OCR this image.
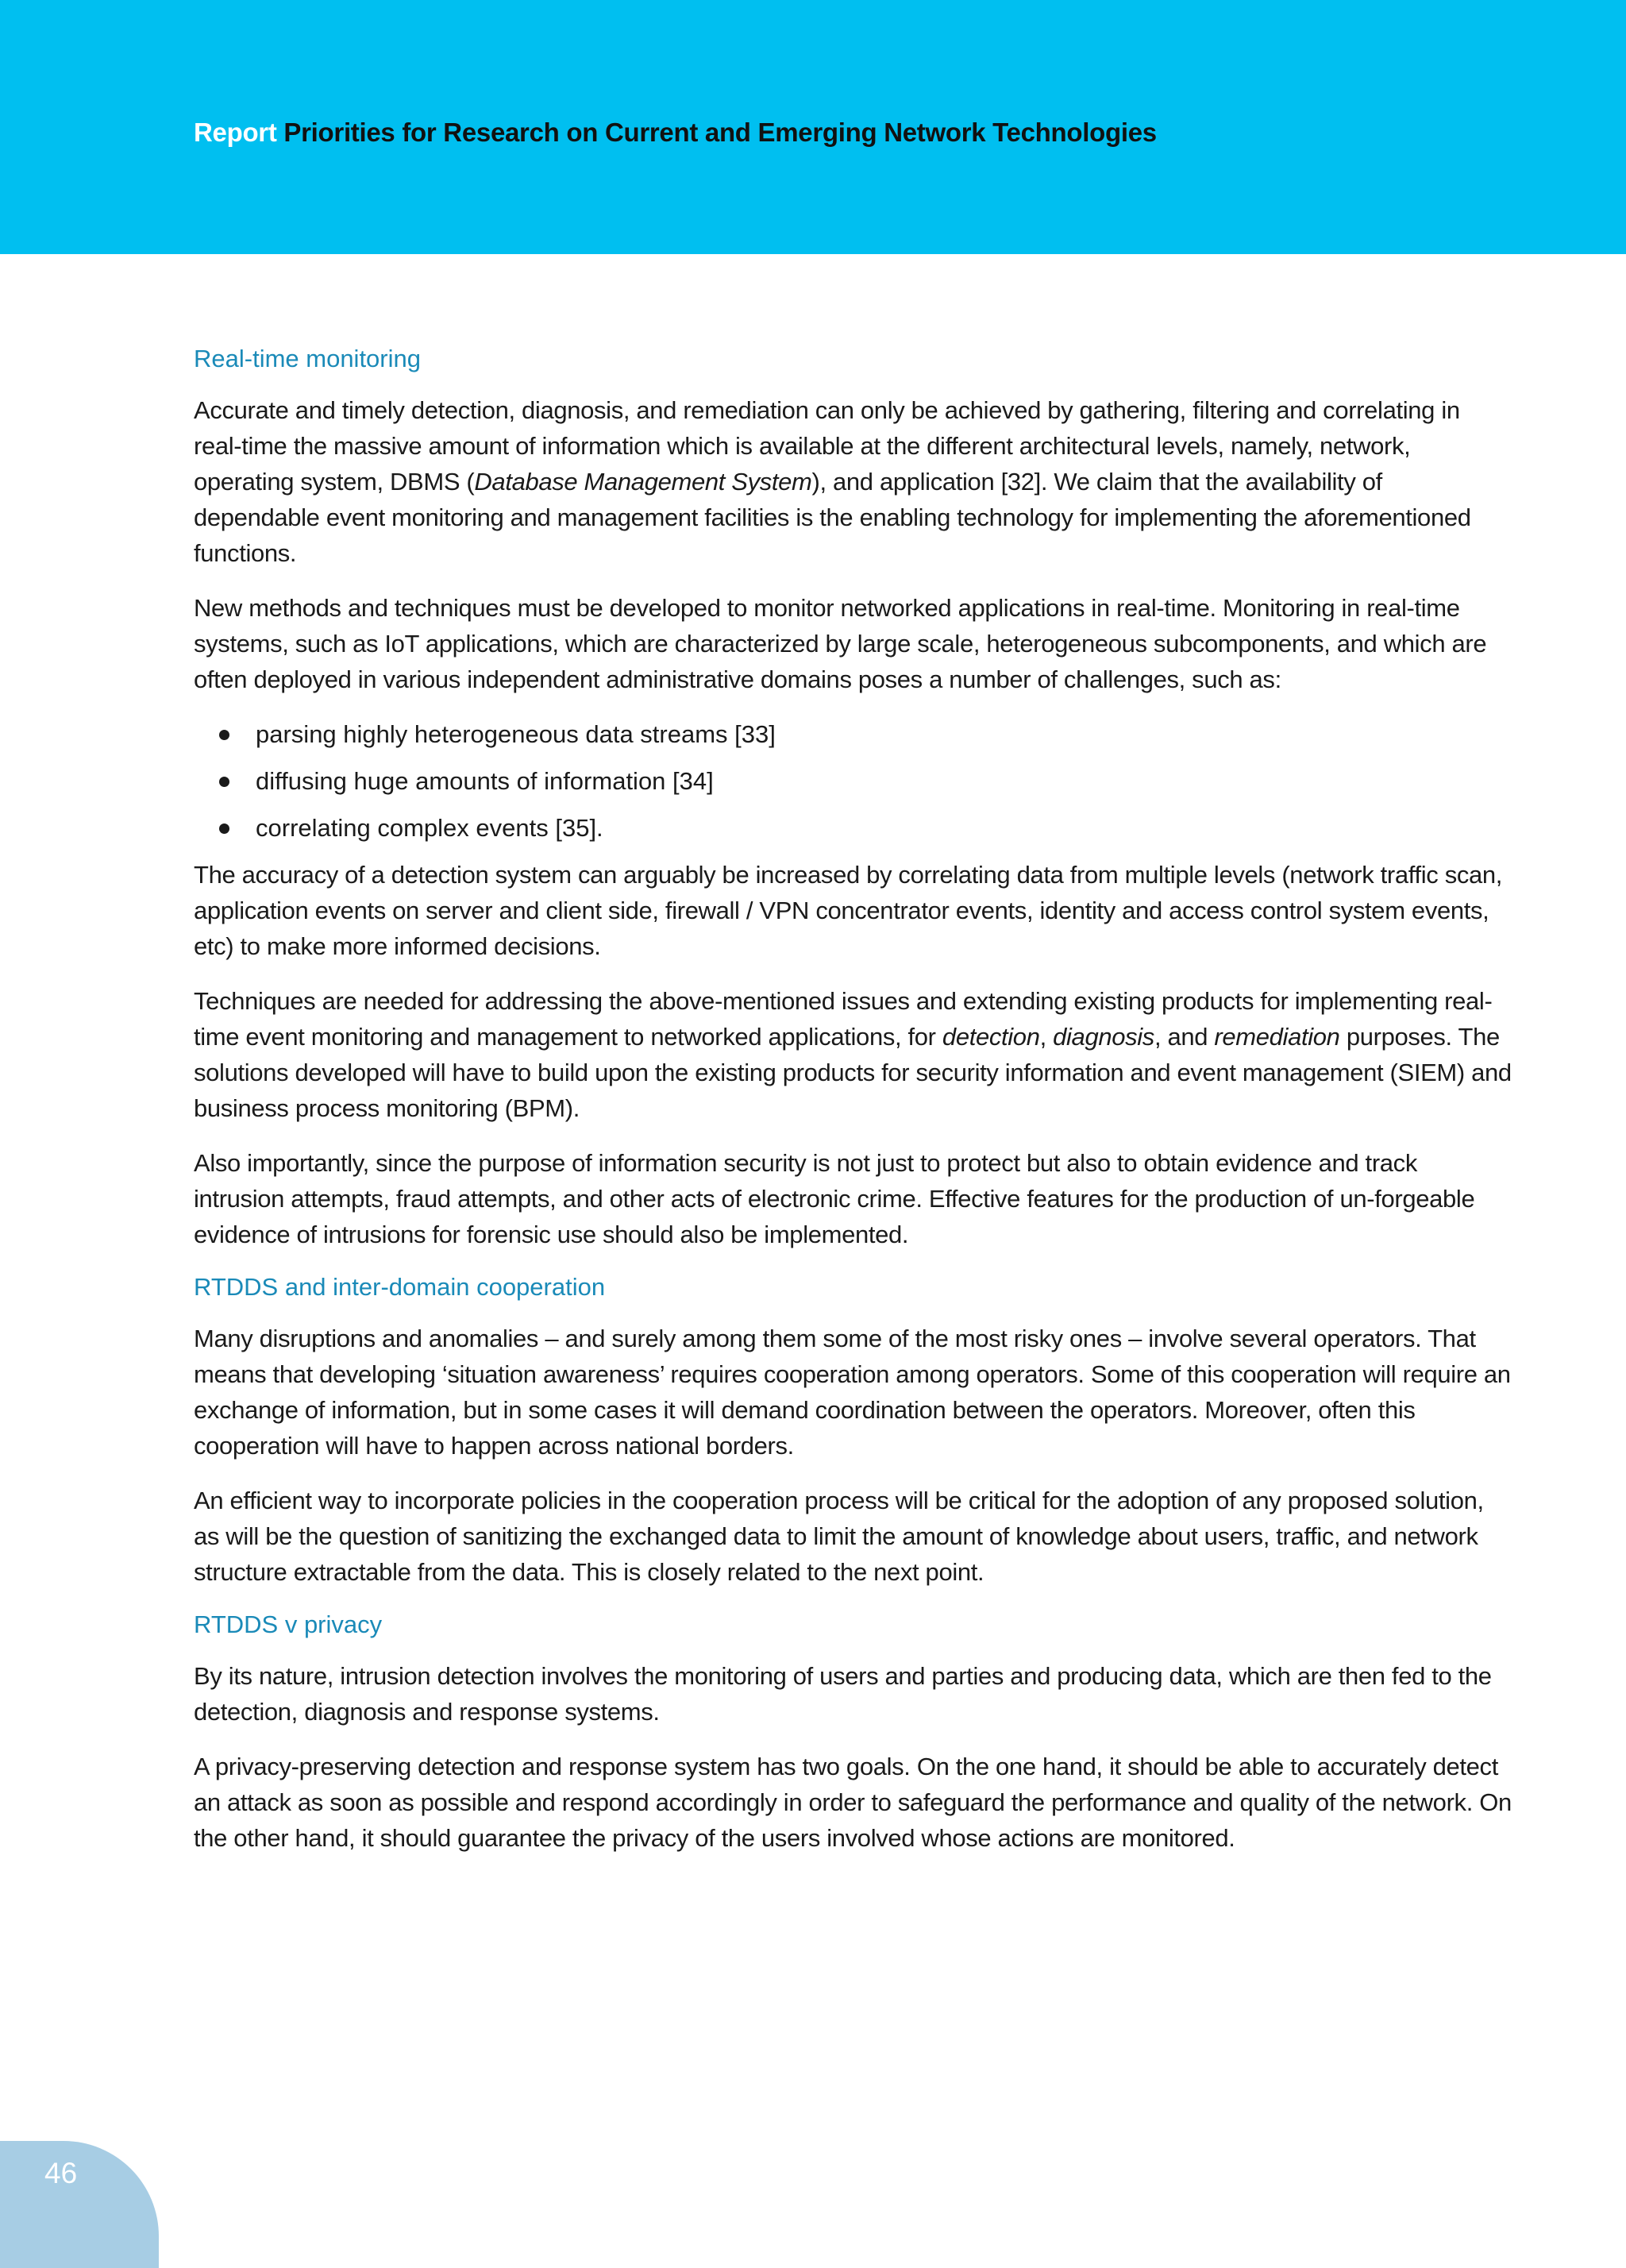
Report Priorities for Research on Current and Emerging Network Technologies
Real-time monitoring

Accurate and timely detection, diagnosis, and remediation can only be achieved by gathering, filtering and correlating in real-time the massive amount of information which is available at the different architectural levels, namely, network, operating system, DBMS (Database Management System), and application [32]. We claim that the availability of dependable event monitoring and management facilities is the enabling technology for implementing the aforementioned functions.

New methods and techniques must be developed to monitor networked applications in real-time. Monitoring in real-time systems, such as IoT applications, which are characterized by large scale, heterogeneous subcomponents, and which are often deployed in various independent administrative domains poses a number of challenges, such as:

parsing highly heterogeneous data streams [33]
diffusing huge amounts of information [34]
correlating complex events [35].

The accuracy of a detection system can arguably be increased by correlating data from multiple levels (network traffic scan, application events on server and client side, firewall / VPN concentrator events, identity and access control system events, etc) to make more informed decisions.

Techniques are needed for addressing the above-mentioned issues and extending existing products for implementing real-time event monitoring and management to networked applications, for detection, diagnosis, and remediation purposes. The solutions developed will have to build upon the existing products for security information and event management (SIEM) and business process monitoring (BPM).

Also importantly, since the purpose of information security is not just to protect but also to obtain evidence and track intrusion attempts, fraud attempts, and other acts of electronic crime. Effective features for the production of un-forgeable evidence of intrusions for forensic use should also be implemented.

RTDDS and inter-domain cooperation

Many disruptions and anomalies – and surely among them some of the most risky ones – involve several operators. That means that developing ‘situation awareness’ requires cooperation among operators. Some of this cooperation will require an exchange of information, but in some cases it will demand coordination between the operators. Moreover, often this cooperation will have to happen across national borders.

An efficient way to incorporate policies in the cooperation process will be critical for the adoption of any proposed solution, as will be the question of sanitizing the exchanged data to limit the amount of knowledge about users, traffic, and network structure extractable from the data. This is closely related to the next point.

RTDDS v privacy

By its nature, intrusion detection involves the monitoring of users and parties and producing data, which are then fed to the detection, diagnosis and response systems.

A privacy-preserving detection and response system has two goals. On the one hand, it should be able to accurately detect an attack as soon as possible and respond accordingly in order to safeguard the performance and quality of the network. On the other hand, it should guarantee the privacy of the users involved whose actions are monitored.

46
